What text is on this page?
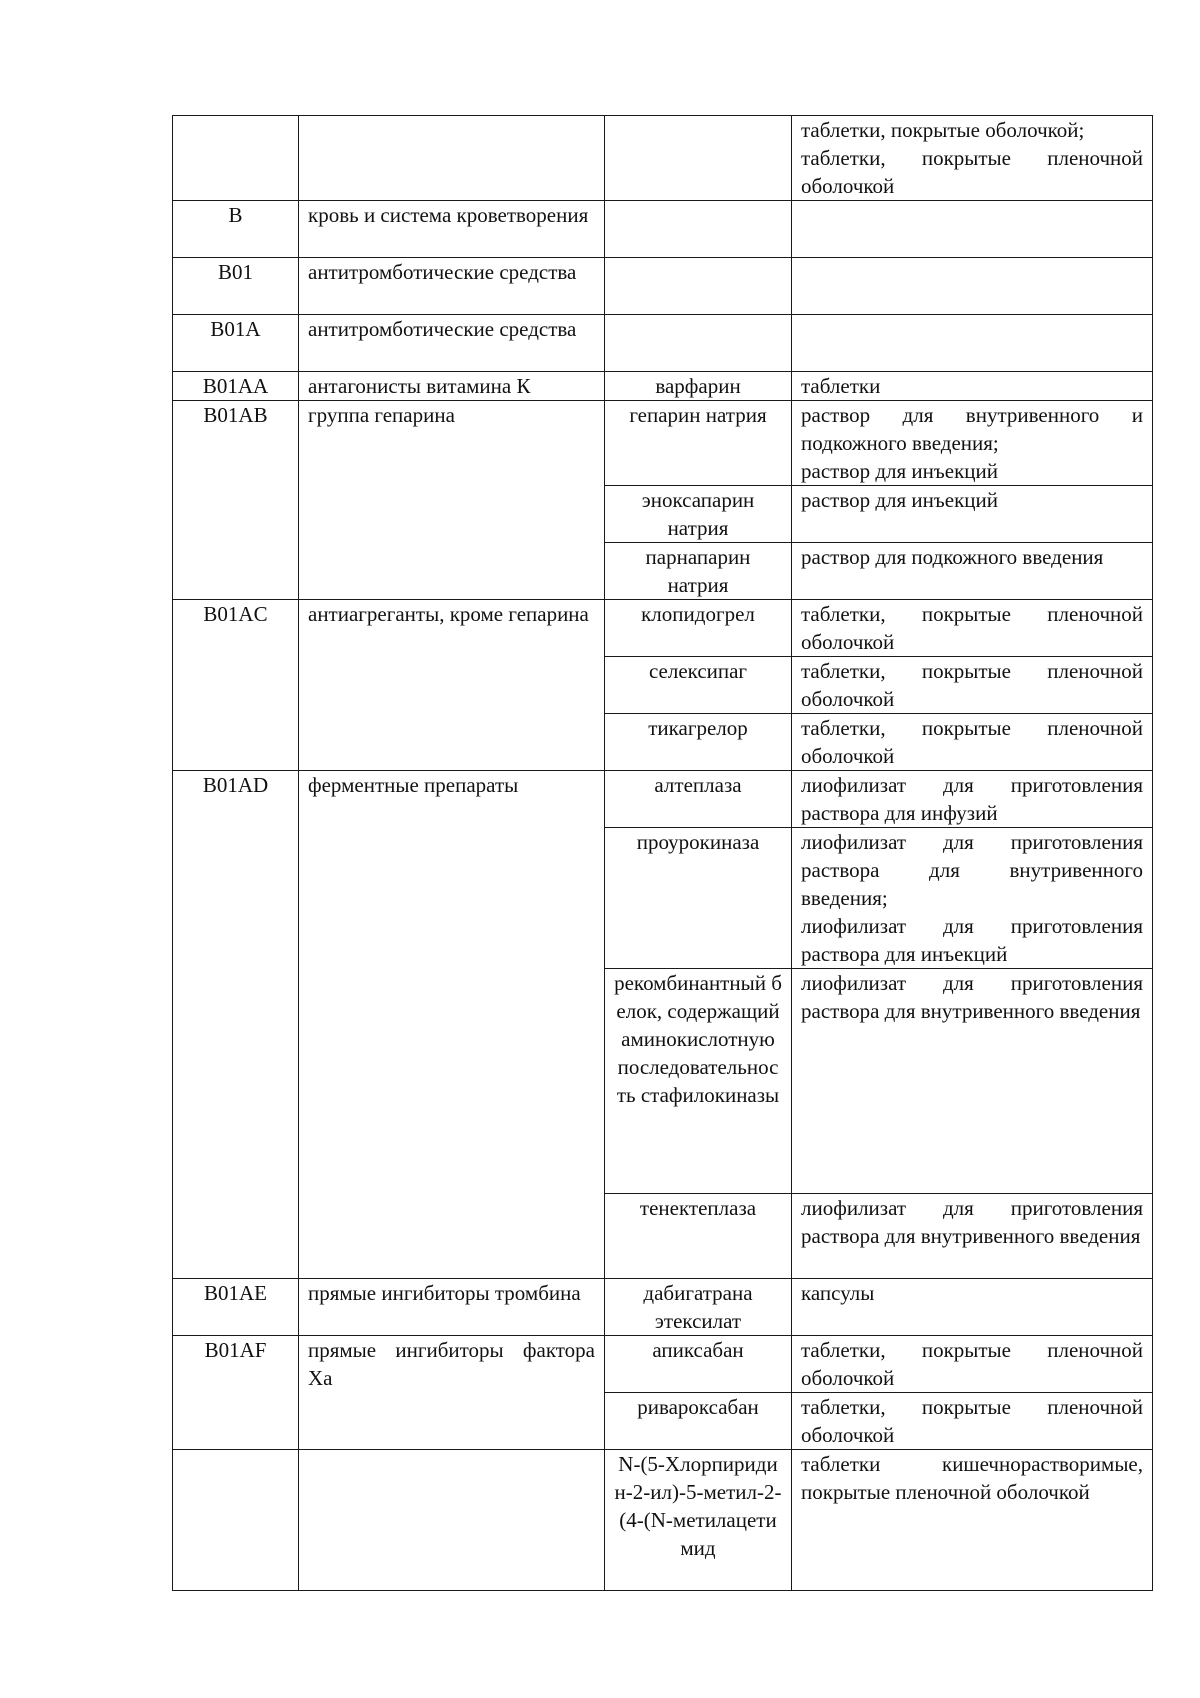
			таблетки, покрытые оболочкой;
таблетки, покрытые пленочной оболочкой

B	кровь и система кроветворения		
B01	антитромботические средства		
B01A	антитромботические средства		
B01AA	антагонисты витамина К	варфарин	таблетки
B01AB	группа гепарина	гепарин натрия	раствор для внутривенного и подкожного введения;
раствор для инъекций

		эноксапарин натрия	раствор для инъекций
		парнапарин натрия	раствор для подкожного введения
B01AC	антиагреганты, кроме гепарина	клопидогрел	таблетки, покрытые пленочной оболочкой
		селексипаг	таблетки, покрытые пленочной оболочкой
		тикагрелор	таблетки, покрытые пленочной оболочкой
B01AD	ферментные препараты	алтеплаза	лиофилизат для приготовления раствора для инфузий
		проурокиназа	лиофилизат для приготовления раствора для внутривенного введения;
лиофилизат для приготовления раствора для инъекций

		рекомбинантный белок, содержащий аминокислотную последовательность стафилокиназы	лиофилизат для приготовления раствора для внутривенного введения
		тенектеплаза	лиофилизат для приготовления раствора для внутривенного введения
B01AE	прямые ингибиторы тромбина	дабигатрана этексилат	капсулы
B01AF	прямые ингибиторы фактора Xa	апиксабан	таблетки, покрытые пленочной оболочкой
		ривароксабан	таблетки, покрытые пленочной оболочкой
		N-(5-Хлорпиридин-2-ил)-5-метил-2-(4-(N-метилацетимид	таблетки кишечнорастворимые, покрытые пленочной оболочкой
